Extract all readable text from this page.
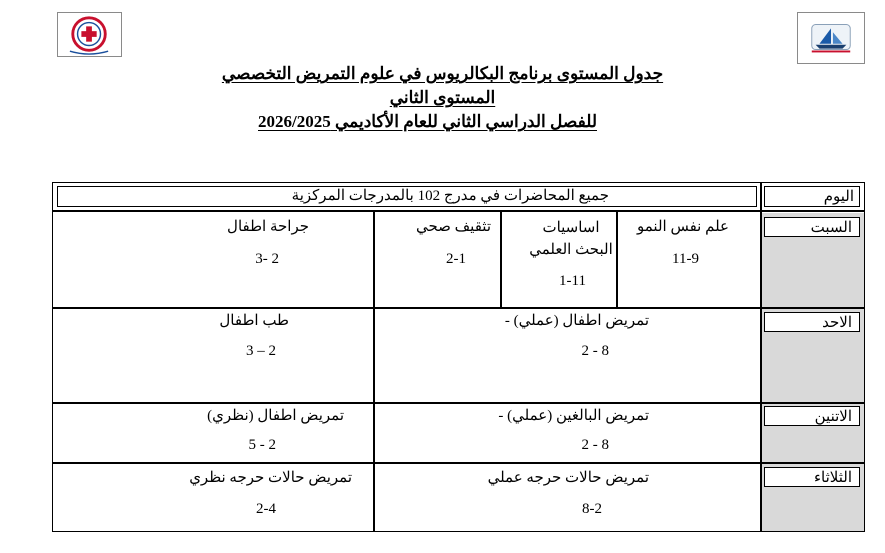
جدول المستوى برنامج البكالريوس في علوم التمريض التخصصي
المستوى الثاني
للفصل الدراسي الثاني للعام الأكاديمي 2026/2025
اليوم
جميع المحاضرات في مدرج 102 بالمدرجات المركزية
السبت
الاحد
الاتنين
الثلاثاء
علم نفس النمو
11-9
اساسيات البحث العلمي
1-11
تثقيف صحي
2-1
جراحة اطفال
2 -3
تمريض اطفال (عملي) -
8 - 2
طب اطفال
2 – 3
تمريض البالغين (عملي) -
8 - 2
تمريض اطفال (نظري)
2 - 5
تمريض حالات حرجه عملي
8-2
تمريض حالات حرجه نظري
2-4
